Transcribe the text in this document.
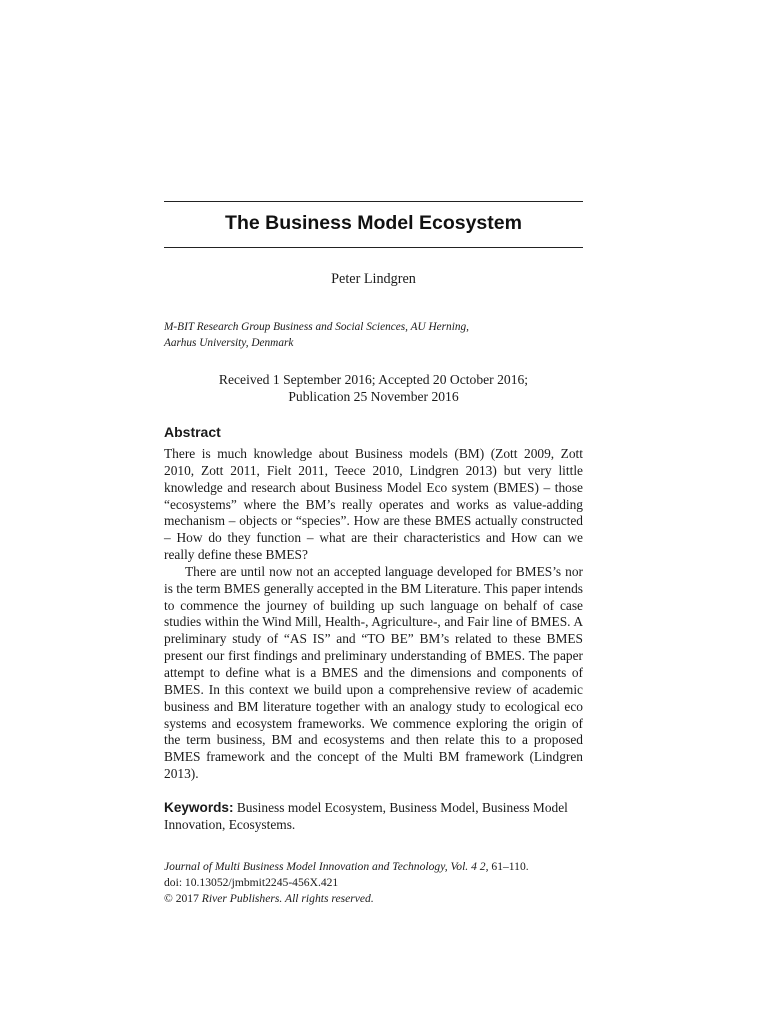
The Business Model Ecosystem
Peter Lindgren
M-BIT Research Group Business and Social Sciences, AU Herning,
Aarhus University, Denmark
Received 1 September 2016; Accepted 20 October 2016;
Publication 25 November 2016
Abstract

There is much knowledge about Business models (BM) (Zott 2009, Zott 2010, Zott 2011, Fielt 2011, Teece 2010, Lindgren 2013) but very little knowledge and research about Business Model Eco system (BMES) – those “ecosystems” where the BM’s really operates and works as value-adding mechanism – objects or “species”. How are these BMES actually constructed – How do they function – what are their characteristics and How can we really define these BMES?

There are until now not an accepted language developed for BMES’s nor is the term BMES generally accepted in the BM Literature. This paper intends to commence the journey of building up such language on behalf of case studies within the Wind Mill, Health-, Agriculture-, and Fair line of BMES. A preliminary study of “AS IS” and “TO BE” BM’s related to these BMES present our first findings and preliminary understanding of BMES. The paper attempt to define what is a BMES and the dimensions and components of BMES. In this context we build upon a comprehensive review of academic business and BM literature together with an analogy study to ecological eco systems and ecosystem frameworks. We commence exploring the origin of the term business, BM and ecosystems and then relate this to a proposed BMES framework and the concept of the Multi BM framework (Lindgren 2013).

Keywords: Business model Ecosystem, Business Model, Business Model Innovation, Ecosystems.
Journal of Multi Business Model Innovation and Technology, Vol. 4 2, 61–110.
doi: 10.13052/jmbmit2245-456X.421
© 2017 River Publishers. All rights reserved.
